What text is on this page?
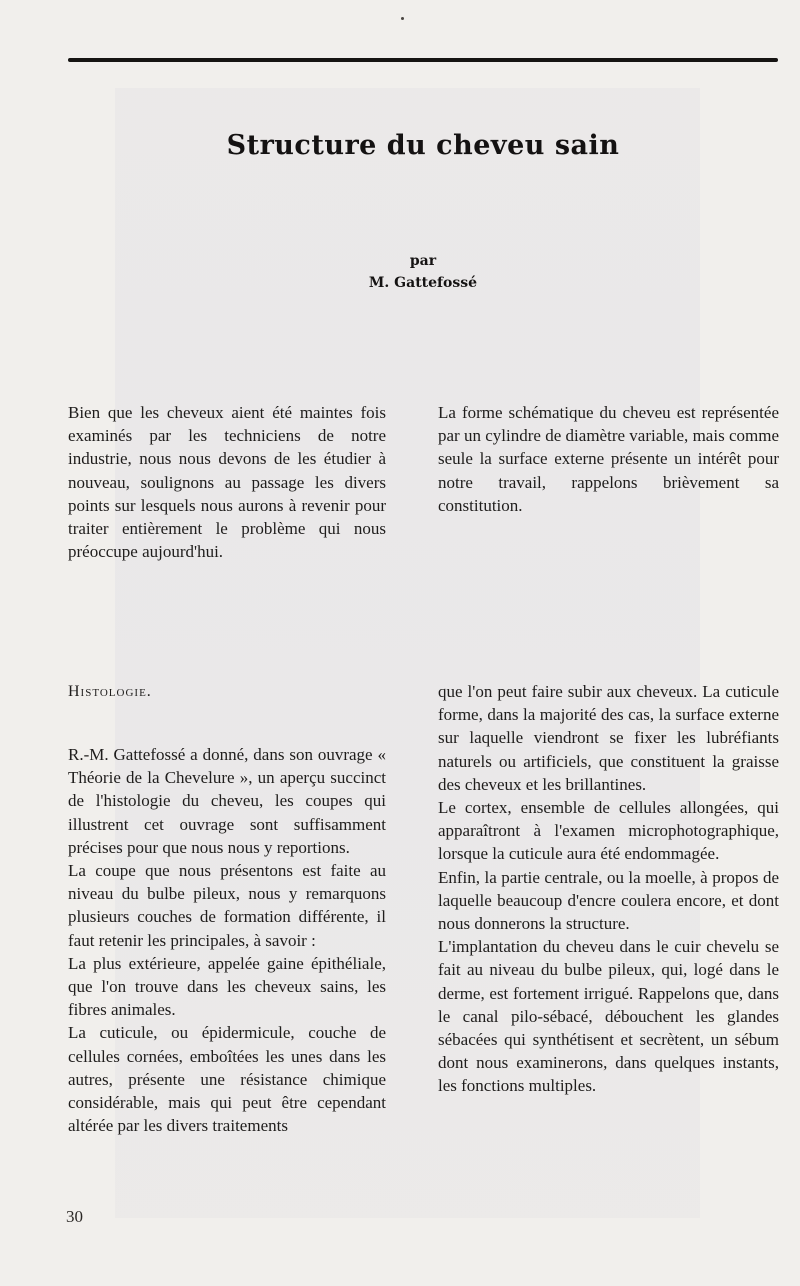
Structure du cheveu sain
par
M. Gattefossé

Bien que les cheveux aient été maintes fois examinés par les techniciens de notre industrie, nous nous devons de les étudier à nouveau, soulignons au passage les divers points sur lesquels nous aurons à revenir pour traiter entièrement le problème qui nous préoccupe aujourd'hui.

La forme schématique du cheveu est représentée par un cylindre de diamètre variable, mais comme seule la surface externe présente un intérêt pour notre travail, rappelons brièvement sa constitution.

Histologie.

R.-M. Gattefossé a donné, dans son ouvrage « Théorie de la Chevelure », un aperçu succinct de l'histologie du cheveu, les coupes qui illustrent cet ouvrage sont suffisamment précises pour que nous nous y reportions.

La coupe que nous présentons est faite au niveau du bulbe pileux, nous y remarquons plusieurs couches de formation différente, il faut retenir les principales, à savoir :

La plus extérieure, appelée gaine épithéliale, que l'on trouve dans les cheveux sains, les fibres animales.

La cuticule, ou épidermicule, couche de cellules cornées, emboîtées les unes dans les autres, présente une résistance chimique considérable, mais qui peut être cependant altérée par les divers traitements

que l'on peut faire subir aux cheveux. La cuticule forme, dans la majorité des cas, la surface externe sur laquelle viendront se fixer les lubréfiants naturels ou artificiels, que constituent la graisse des cheveux et les brillantines.

Le cortex, ensemble de cellules allongées, qui apparaîtront à l'examen microphotographique, lorsque la cuticule aura été endommagée.

Enfin, la partie centrale, ou la moelle, à propos de laquelle beaucoup d'encre coulera encore, et dont nous donnerons la structure.

L'implantation du cheveu dans le cuir chevelu se fait au niveau du bulbe pileux, qui, logé dans le derme, est fortement irrigué. Rappelons que, dans le canal pilo-sébacé, débouchent les glandes sébacées qui synthétisent et secrètent, un sébum dont nous examinerons, dans quelques instants, les fonctions multiples.

30
